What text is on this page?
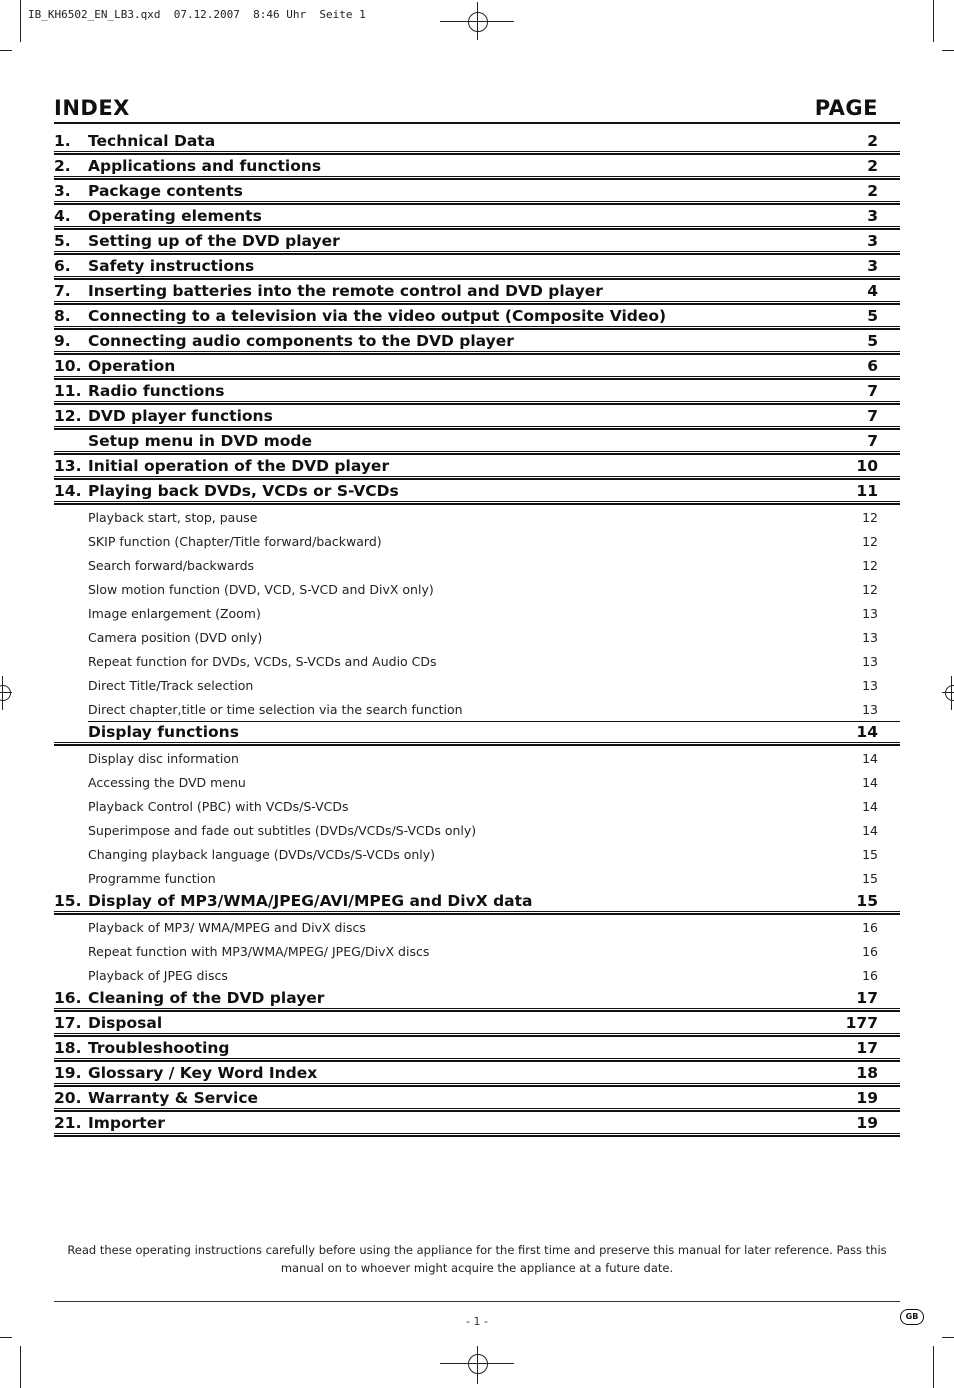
IB_KH6502_EN_LB3.qxd  07.12.2007  8:46 Uhr  Seite 1
INDEX	PAGE
1. Technical Data	2
2. Applications and functions	2
3. Package contents	2
4. Operating elements	3
5. Setting up of the DVD player	3
6. Safety instructions	3
7. Inserting batteries into the remote control and DVD player	4
8. Connecting to a television via the video output (Composite Video)	5
9. Connecting audio components to the DVD player	5
10. Operation	6
11. Radio functions	7
12. DVD player functions	7
Setup menu in DVD mode	7
13. Initial operation of the DVD player	10
14. Playing back DVDs, VCDs or S-VCDs	11
Playback start, stop, pause	12
SKIP function (Chapter/Title forward/backward)	12
Search forward/backwards	12
Slow motion function (DVD, VCD, S-VCD and DivX only)	12
Image enlargement (Zoom)	13
Camera position (DVD only)	13
Repeat function for DVDs, VCDs, S-VCDs and Audio CDs	13
Direct Title/Track selection	13
Direct chapter,title or time selection via the search function	13
Display functions	14
Display disc information	14
Accessing the DVD menu	14
Playback Control (PBC) with VCDs/S-VCDs	14
Superimpose and fade out subtitles (DVDs/VCDs/S-VCDs only)	14
Changing playback language (DVDs/VCDs/S-VCDs only)	15
Programme function	15
15. Display of MP3/WMA/JPEG/AVI/MPEG and DivX data	15
Playback of MP3/ WMA/MPEG and DivX discs	16
Repeat function with MP3/WMA/MPEG/ JPEG/DivX discs	16
Playback of JPEG discs	16
16. Cleaning of the DVD player	17
17. Disposal	177
18. Troubleshooting	17
19. Glossary / Key Word Index	18
20. Warranty & Service	19
21. Importer	19
Read these operating instructions carefully before using the appliance for the first time and preserve this manual for later reference. Pass this manual on to whoever might acquire the appliance at a future date.
- 1 -	GB
